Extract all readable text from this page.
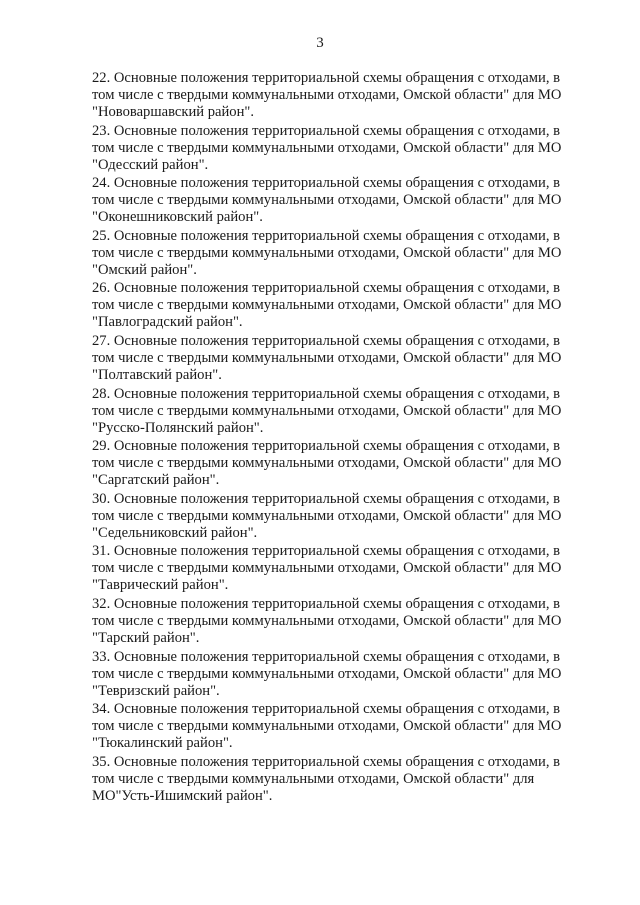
3
22. Основные положения территориальной схемы обращения с отходами, в
том числе с твердыми коммунальными отходами, Омской области" для МО
"Нововаршавский район".
23. Основные положения территориальной схемы обращения с отходами, в
том числе с твердыми коммунальными отходами, Омской области" для МО
"Одесский район".
24. Основные положения территориальной схемы обращения с отходами, в
том числе с твердыми коммунальными отходами, Омской области" для МО
"Оконешниковский район".
25. Основные положения территориальной схемы обращения с отходами, в
том числе с твердыми коммунальными отходами, Омской области" для МО
"Омский район".
26. Основные положения территориальной схемы обращения с отходами, в
том числе с твердыми коммунальными отходами, Омской области" для МО
"Павлоградский район".
27. Основные положения территориальной схемы обращения с отходами, в
том числе с твердыми коммунальными отходами, Омской области" для МО
"Полтавский район".
28. Основные положения территориальной схемы обращения с отходами, в
том числе с твердыми коммунальными отходами, Омской области" для МО
"Русско-Полянский район".
29. Основные положения территориальной схемы обращения с отходами, в
том числе с твердыми коммунальными отходами, Омской области" для МО
"Саргатский район".
30. Основные положения территориальной схемы обращения с отходами, в
том числе с твердыми коммунальными отходами, Омской области" для МО
"Седельниковский район".
31. Основные положения территориальной схемы обращения с отходами, в
том числе с твердыми коммунальными отходами, Омской области" для МО
"Таврический район".
32. Основные положения территориальной схемы обращения с отходами, в
том числе с твердыми коммунальными отходами, Омской области" для МО
"Тарский район".
33. Основные положения территориальной схемы обращения с отходами, в
том числе с твердыми коммунальными отходами, Омской области" для МО
"Тевризский район".
34. Основные положения территориальной схемы обращения с отходами, в
том числе с твердыми коммунальными отходами, Омской области" для МО
"Тюкалинский район".
35. Основные положения территориальной схемы обращения с отходами, в
том числе с твердыми коммунальными отходами, Омской области" для
МО"Усть-Ишимский район".
